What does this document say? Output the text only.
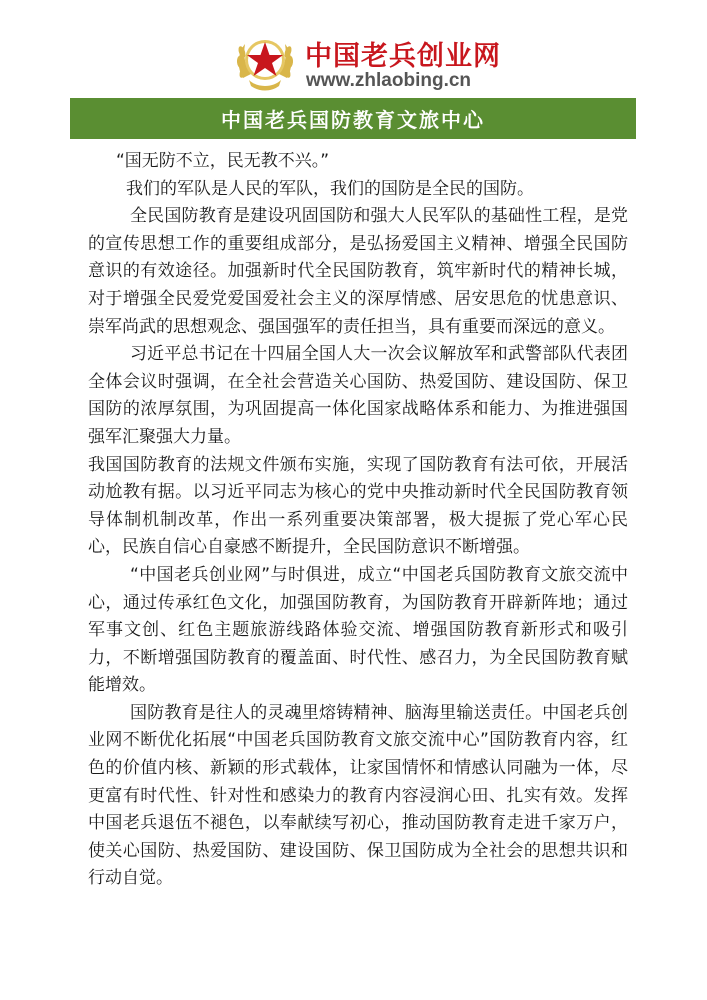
中国老兵创业网
www.zhlaobing.cn
中国老兵国防教育文旅中心

“国无防不立，民无教不兴。”

我们的军队是人民的军队，我们的国防是全民的国防。

全民国防教育是建设巩固国防和强大人民军队的基础性工程，是党的宣传思想工作的重要组成部分，是弘扬爱国主义精神、增强全民国防意识的有效途径。加强新时代全民国防教育，筑牢新时代的精神长城，对于增强全民爱党爱国爱社会主义的深厚情感、居安思危的忧患意识、崇军尚武的思想观念、强国强军的责任担当，具有重要而深远的意义。

习近平总书记在十四届全国人大一次会议解放军和武警部队代表团全体会议时强调，在全社会营造关心国防、热爱国防、建设国防、保卫国防的浓厚氛围，为巩固提高一体化国家战略体系和能力、为推进强国强军汇聚强大力量。

我国国防教育的法规文件颁布实施，实现了国防教育有法可依，开展活动尬教有据。以习近平同志为核心的党中央推动新时代全民国防教育领导体制机制改革，作出一系列重要决策部署，极大提振了党心军心民心，民族自信心自豪感不断提升，全民国防意识不断增强。

“中国老兵创业网”与时俱进，成立“中国老兵国防教育文旅交流中心，通过传承红色文化，加强国防教育，为国防教育开辟新阵地；通过军事文创、红色主题旅游线路体验交流、增强国防教育新形式和吸引力，不断增强国防教育的覆盖面、时代性、感召力，为全民国防教育赋能增效。

国防教育是往人的灵魂里熔铸精神、脑海里输送责任。中国老兵创业网不断优化拓展“中国老兵国防教育文旅交流中心”国防教育内容，红色的价值内核、新颖的形式载体，让家国情怀和情感认同融为一体，尽更富有时代性、针对性和感染力的教育内容浸润心田、扎实有效。发挥中国老兵退伍不褪色，以奉献续写初心，推动国防教育走进千家万户，使关心国防、热爱国防、建设国防、保卫国防成为全社会的思想共识和行动自觉。
